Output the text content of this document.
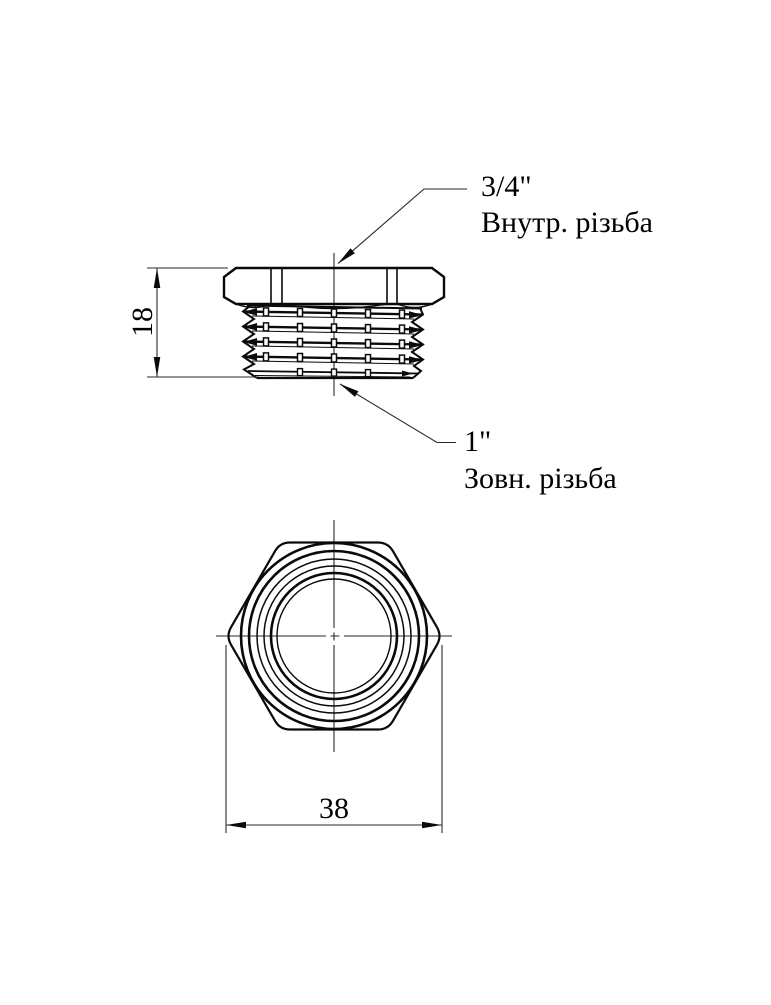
18
3/4"
Внутр. різьба
1"
Зовн. різьба
38
